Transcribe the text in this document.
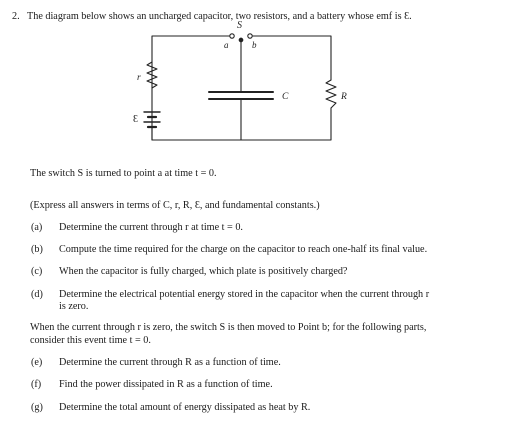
2. The diagram below shows an uncharged capacitor, two resistors, and a battery whose emf is Ɛ.
S
a	b
r
Ɛ
C	R
The switch S is turned to point a at time t = 0.
(Express all answers in terms of C, r, R, Ɛ, and fundamental constants.)
(a) Determine the current through r at time t = 0.
(b) Compute the time required for the charge on the capacitor to reach one-half its final value.
(c) When the capacitor is fully charged, which plate is positively charged?
(d) Determine the electrical potential energy stored in the capacitor when the current through r
is zero.
When the current through r is zero, the switch S is then moved to Point b; for the following parts,
consider this event time t = 0.
(e) Determine the current through R as a function of time.
(f) Find the power dissipated in R as a function of time.
(g) Determine the total amount of energy dissipated as heat by R.
